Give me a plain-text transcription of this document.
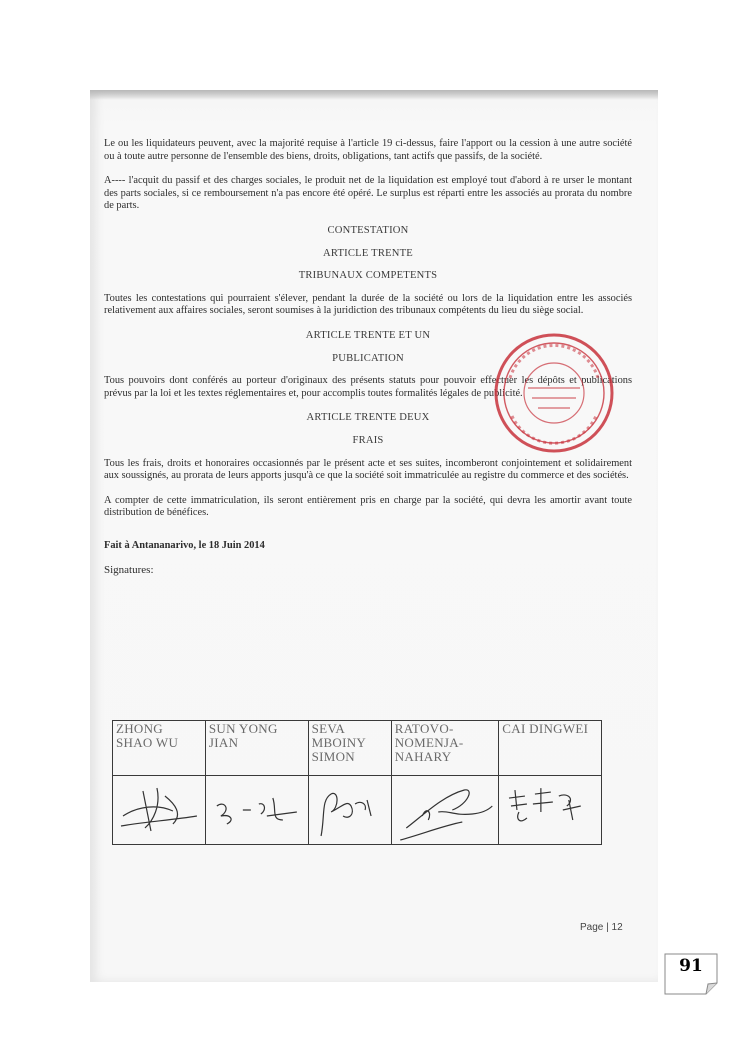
Le ou les liquidateurs peuvent, avec la majorité requise à l'article 19 ci-dessus, faire l'apport ou la cession à une autre société ou à toute autre personne de l'ensemble des biens, droits, obligations, tant actifs que passifs, de la société.

A---- l'acquit du passif et des charges sociales, le produit net de la liquidation est employé tout d'abord à re urser le montant des parts sociales, si ce remboursement n'a pas encore été opéré. Le surplus est réparti entre les associés au prorata du nombre de parts.

CONTESTATION
ARTICLE TRENTE
TRIBUNAUX COMPETENTS

Toutes les contestations qui pourraient s'élever, pendant la durée de la société ou lors de la liquidation entre les associés relativement aux affaires sociales, seront soumises à la juridiction des tribunaux compétents du lieu du siège social.

ARTICLE TRENTE ET UN
PUBLICATION

Tous pouvoirs dont conférés au porteur d'originaux des présents statuts pour pouvoir effectuer les dépôts et publications prévus par la loi et les textes réglementaires et, pour accomplis toutes formalités légales de publicité.

ARTICLE TRENTE DEUX
FRAIS

Tous les frais, droits et honoraires occasionnés par le présent acte et ses suites, incomberont conjointement et solidairement aux soussignés, au prorata de leurs apports jusqu'à ce que la société soit immatriculée au registre du commerce et des sociétés.

A compter de cette immatriculation, ils seront entièrement pris en charge par la société, qui devra les amortir avant toute distribution de bénéfices.

Fait à Antananarivo, le 18 Juin 2014

Signatures:

ZHONG SHAO WU	SUN YONG JIAN	SEVA MBOINY SIMON	RATOVO-NOMENJA-NAHARY	CAI DINGWEI

Page | 12
91
